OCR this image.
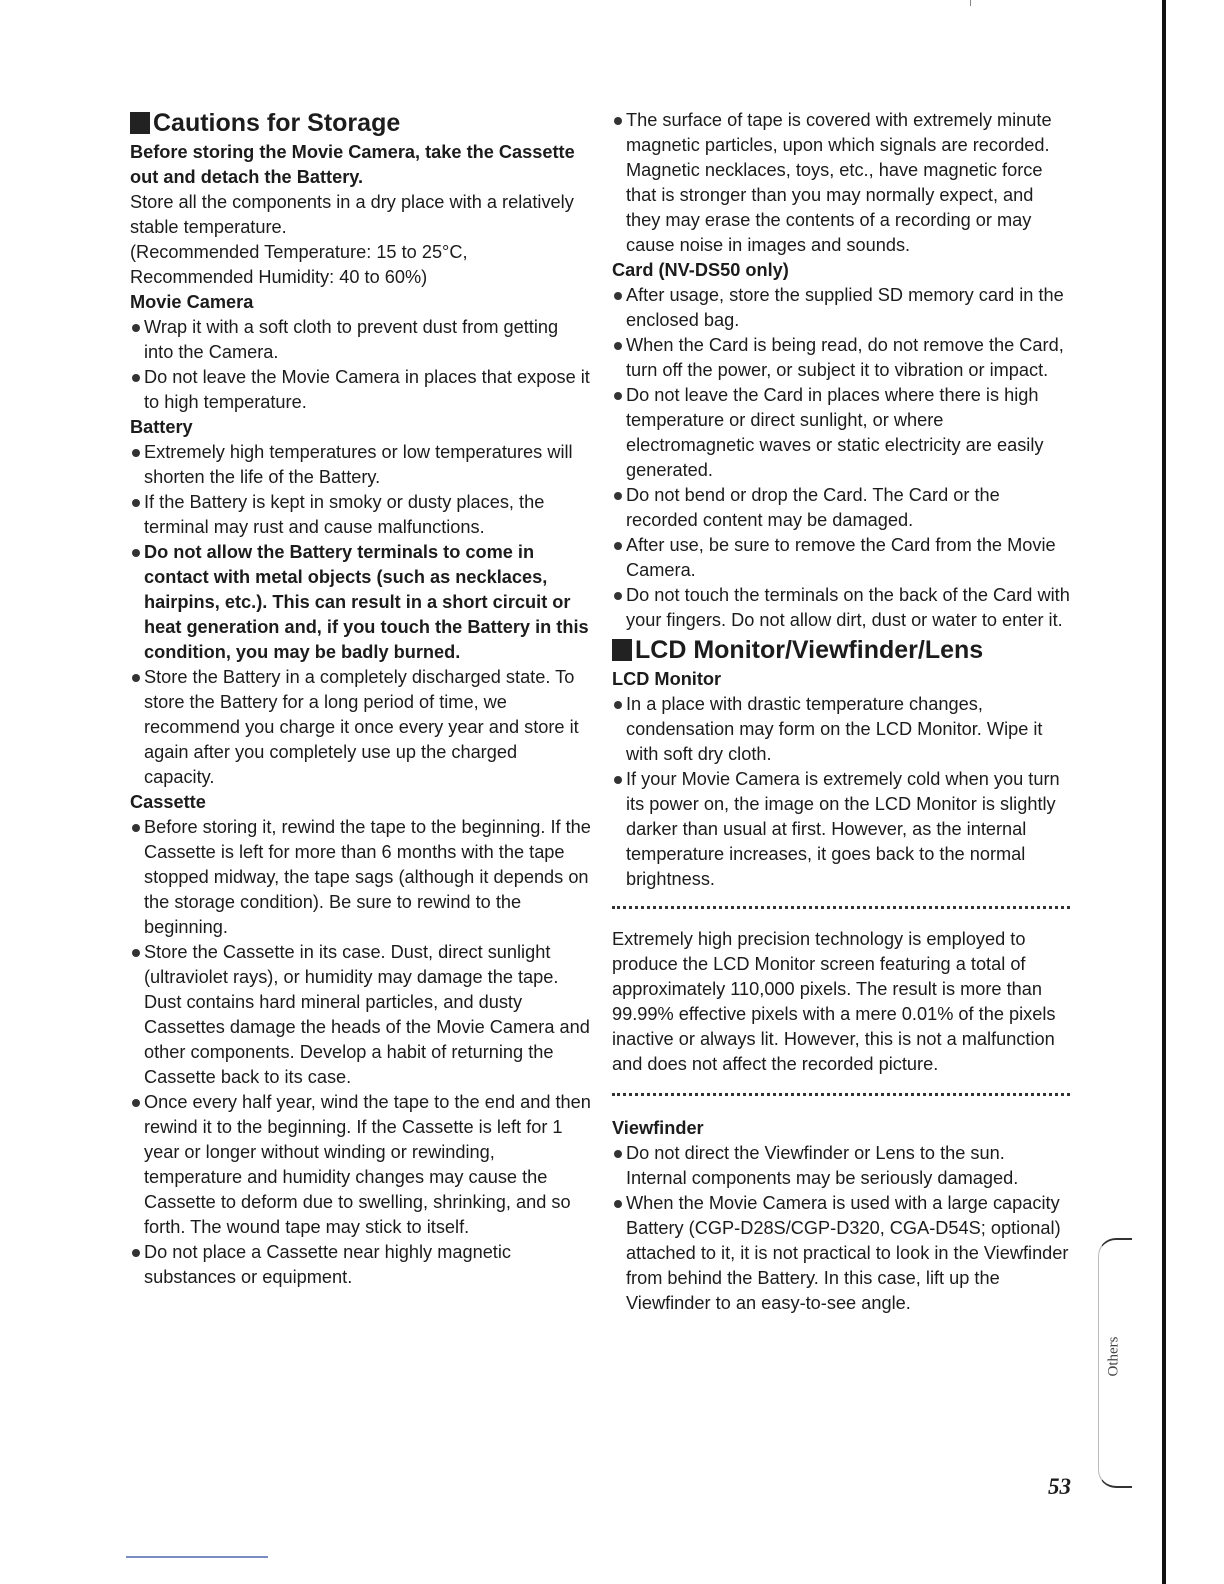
Cautions for Storage

Before storing the Movie Camera, take the Cassette out and detach the Battery.

Store all the components in a dry place with a relatively stable temperature.

(Recommended Temperature: 15 to 25°C, Recommended Humidity: 40 to 60%)

Movie Camera

Wrap it with a soft cloth to prevent dust from getting into the Camera.
Do not leave the Movie Camera in places that expose it to high temperature.

Battery

Extremely high temperatures or low temperatures will shorten the life of the Battery.
If the Battery is kept in smoky or dusty places, the terminal may rust and cause malfunctions.
Do not allow the Battery terminals to come in contact with metal objects (such as necklaces, hairpins, etc.). This can result in a short circuit or heat generation and, if you touch the Battery in this condition, you may be badly burned.
Store the Battery in a completely discharged state. To store the Battery for a long period of time, we recommend you charge it once every year and store it again after you completely use up the charged capacity.

Cassette

Before storing it, rewind the tape to the beginning. If the Cassette is left for more than 6 months with the tape stopped midway, the tape sags (although it depends on the storage condition). Be sure to rewind to the beginning.
Store the Cassette in its case. Dust, direct sunlight (ultraviolet rays), or humidity may damage the tape. Dust contains hard mineral particles, and dusty Cassettes damage the heads of the Movie Camera and other components. Develop a habit of returning the Cassette back to its case.
Once every half year, wind the tape to the end and then rewind it to the beginning. If the Cassette is left for 1 year or longer without winding or rewinding, temperature and humidity changes may cause the Cassette to deform due to swelling, shrinking, and so forth. The wound tape may stick to itself.
Do not place a Cassette near highly magnetic substances or equipment.
The surface of tape is covered with extremely minute magnetic particles, upon which signals are recorded. Magnetic necklaces, toys, etc., have magnetic force that is stronger than you may normally expect, and they may erase the contents of a recording or may cause noise in images and sounds.

Card (NV-DS50 only)

After usage, store the supplied SD memory card in the enclosed bag.
When the Card is being read, do not remove the Card, turn off the power, or subject it to vibration or impact.
Do not leave the Card in places where there is high temperature or direct sunlight, or where electromagnetic waves or static electricity are easily generated.
Do not bend or drop the Card. The Card or the recorded content may be damaged.
After use, be sure to remove the Card from the Movie Camera.
Do not touch the terminals on the back of the Card with your fingers. Do not allow dirt, dust or water to enter it.
LCD Monitor/Viewfinder/Lens

LCD Monitor

In a place with drastic temperature changes, condensation may form on the LCD Monitor. Wipe it with soft dry cloth.
If your Movie Camera is extremely cold when you turn its power on, the image on the LCD Monitor is slightly darker than usual at first. However, as the internal temperature increases, it goes back to the normal brightness.

Extremely high precision technology is employed to produce the LCD Monitor screen featuring a total of approximately 110,000 pixels. The result is more than 99.99% effective pixels with a mere 0.01% of the pixels inactive or always lit. However, this is not a malfunction and does not affect the recorded picture.

Viewfinder

Do not direct the Viewfinder or Lens to the sun. Internal components may be seriously damaged.
When the Movie Camera is used with a large capacity Battery (CGP-D28S/CGP-D320, CGA-D54S; optional) attached to it, it is not practical to look in the Viewfinder from behind the Battery. In this case, lift up the Viewfinder to an easy-to-see angle.
Others
53
